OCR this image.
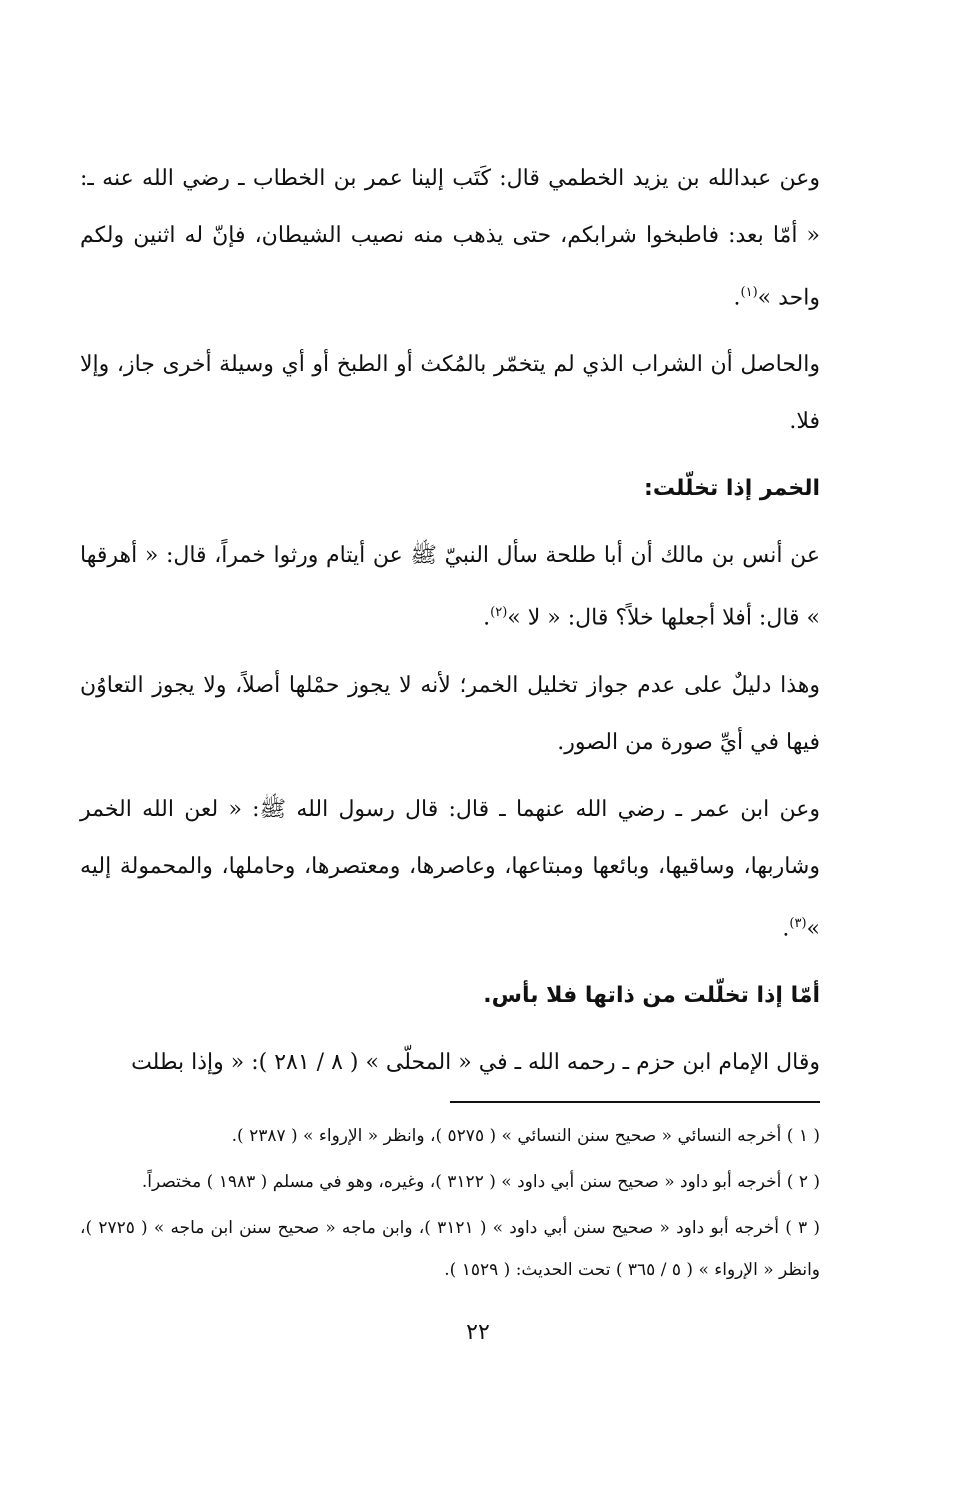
وعن عبدالله بن يزيد الخطمي قال: كَتَب إلينا عمر بن الخطاب ـ رضي الله عنه ـ: « أمّا بعد: فاطبخوا شرابكم، حتى يذهب منه نصيب الشيطان، فإنّ له اثنين ولكم واحد »$^{(١)}$.

والحاصل أن الشراب الذي لم يتخمّر بالمُكث أو الطبخ أو أي وسيلة أخرى جاز، وإلا فلا.

الخمر إذا تخلّلت:

عن أنس بن مالك أن أبا طلحة سأل النبيّ ﷺ عن أيتام ورثوا خمراً، قال: « أهرقها » قال: أفلا أجعلها خلاً؟ قال: « لا »$^{(٢)}$.

وهذا دليلٌ على عدم جواز تخليل الخمر؛ لأنه لا يجوز حمْلها أصلاً، ولا يجوز التعاوُن فيها في أيِّ صورة من الصور.

وعن ابن عمر ـ رضي الله عنهما ـ قال: قال رسول الله ﷺ: « لعن الله الخمر وشاربها، وساقيها، وبائعها ومبتاعها، وعاصرها، ومعتصرها، وحاملها، والمحمولة إليه »$^{(٣)}$.

أمّا إذا تخلّلت من ذاتها فلا بأس.

وقال الإمام ابن حزم ـ رحمه الله ـ في « المحلّى » ( ٨ / ٢٨١ ): « وإذا بطلت

( ١ ) أخرجه النسائي « صحيح سنن النسائي » ( ٥٢٧٥ )، وانظر « الإرواء » ( ٢٣٨٧ ).

( ٢ ) أخرجه أبو داود « صحيح سنن أبي داود » ( ٣١٢٢ )، وغيره، وهو في مسلم ( ١٩٨٣ ) مختصراً.

( ٣ ) أخرجه أبو داود « صحيح سنن أبي داود » ( ٣١٢١ )، وابن ماجه « صحيح سنن ابن ماجه » ( ٢٧٢٥ )، وانظر « الإرواء » ( ٥ / ٣٦٥ ) تحت الحديث: ( ١٥٢٩ ).

٢٢
